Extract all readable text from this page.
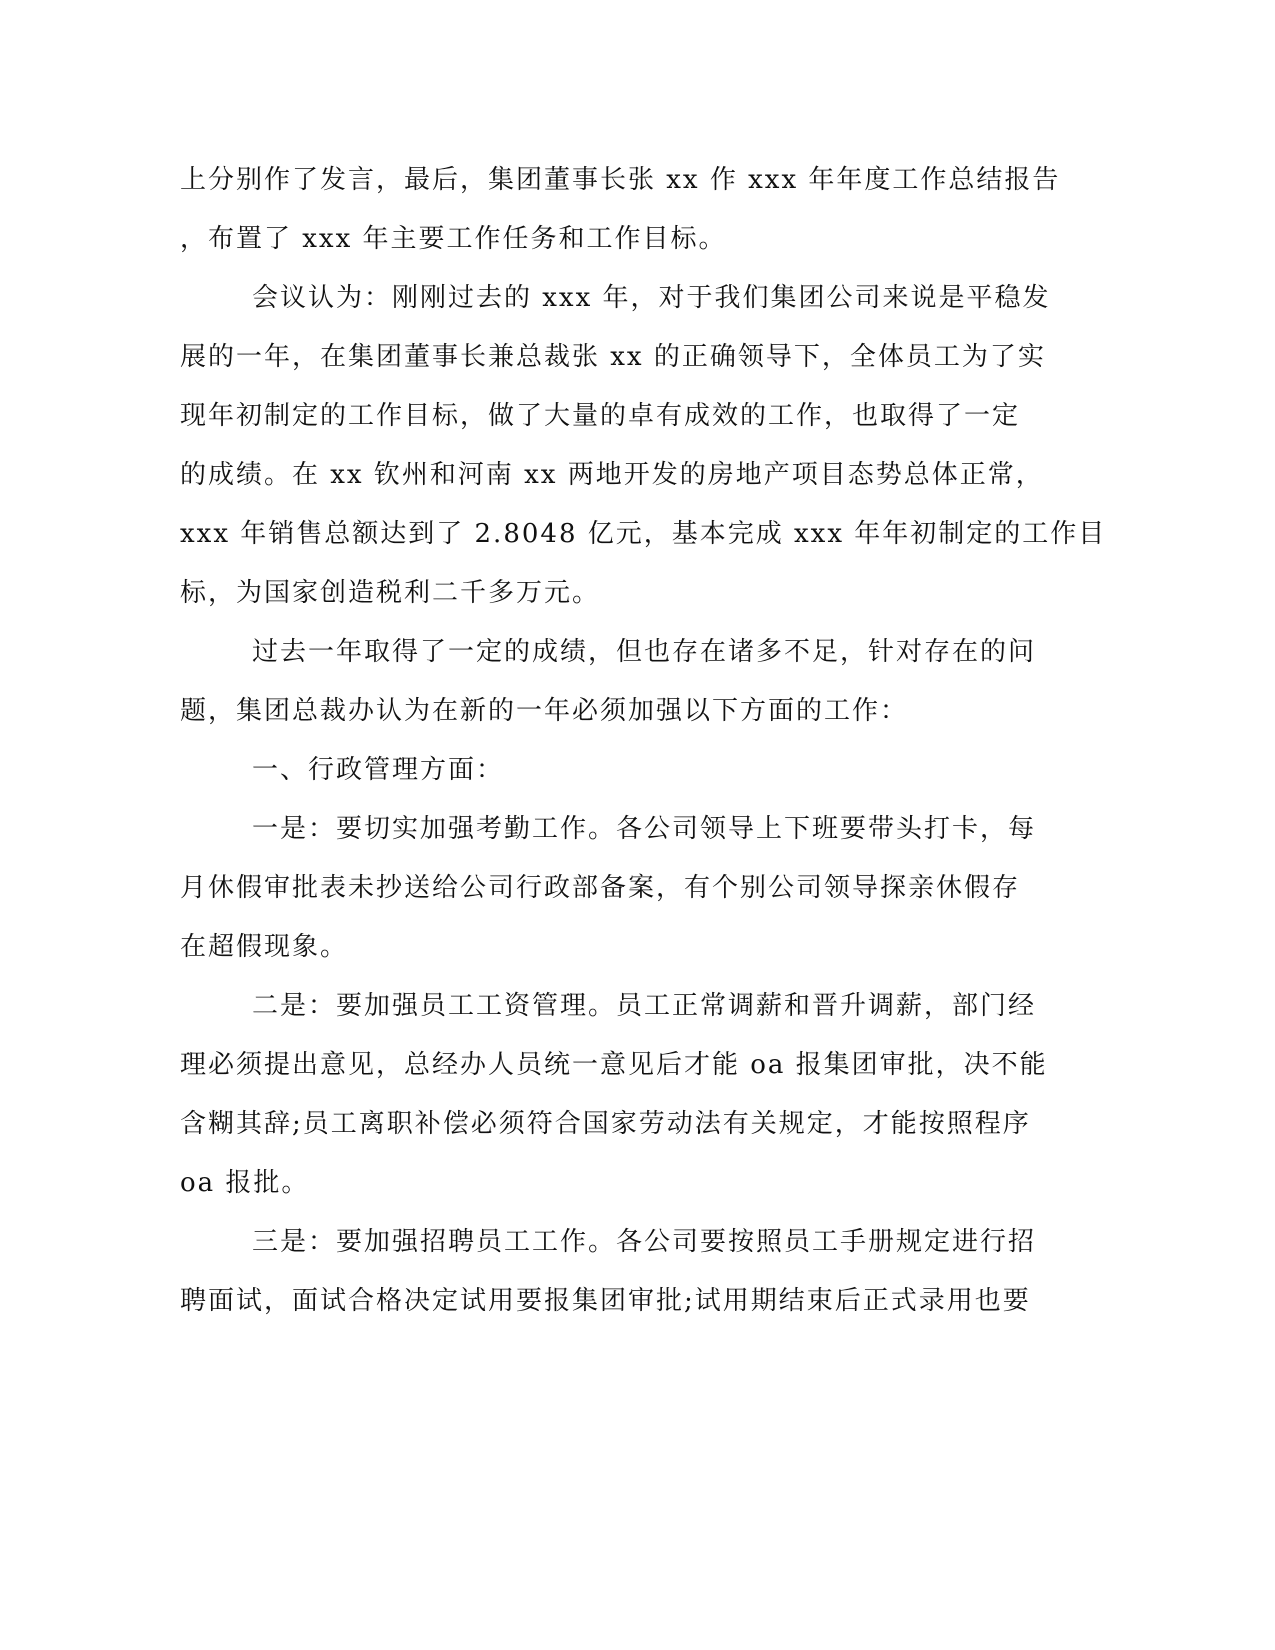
上分别作了发言，最后，集团董事长张 xx 作 xxx 年年度工作总结报告
，布置了 xxx 年主要工作任务和工作目标。
会议认为：刚刚过去的 xxx 年，对于我们集团公司来说是平稳发
展的一年，在集团董事长兼总裁张 xx 的正确领导下，全体员工为了实
现年初制定的工作目标，做了大量的卓有成效的工作，也取得了一定
的成绩。在 xx 钦州和河南 xx 两地开发的房地产项目态势总体正常，
xxx 年销售总额达到了 2.8048 亿元，基本完成 xxx 年年初制定的工作目
标，为国家创造税利二千多万元。
过去一年取得了一定的成绩，但也存在诸多不足，针对存在的问
题，集团总裁办认为在新的一年必须加强以下方面的工作：
一、行政管理方面：
一是：要切实加强考勤工作。各公司领导上下班要带头打卡，每
月休假审批表未抄送给公司行政部备案，有个别公司领导探亲休假存
在超假现象。
二是：要加强员工工资管理。员工正常调薪和晋升调薪，部门经
理必须提出意见，总经办人员统一意见后才能 oa 报集团审批，决不能
含糊其辞;员工离职补偿必须符合国家劳动法有关规定，才能按照程序
oa 报批。
三是：要加强招聘员工工作。各公司要按照员工手册规定进行招
聘面试，面试合格决定试用要报集团审批;试用期结束后正式录用也要
